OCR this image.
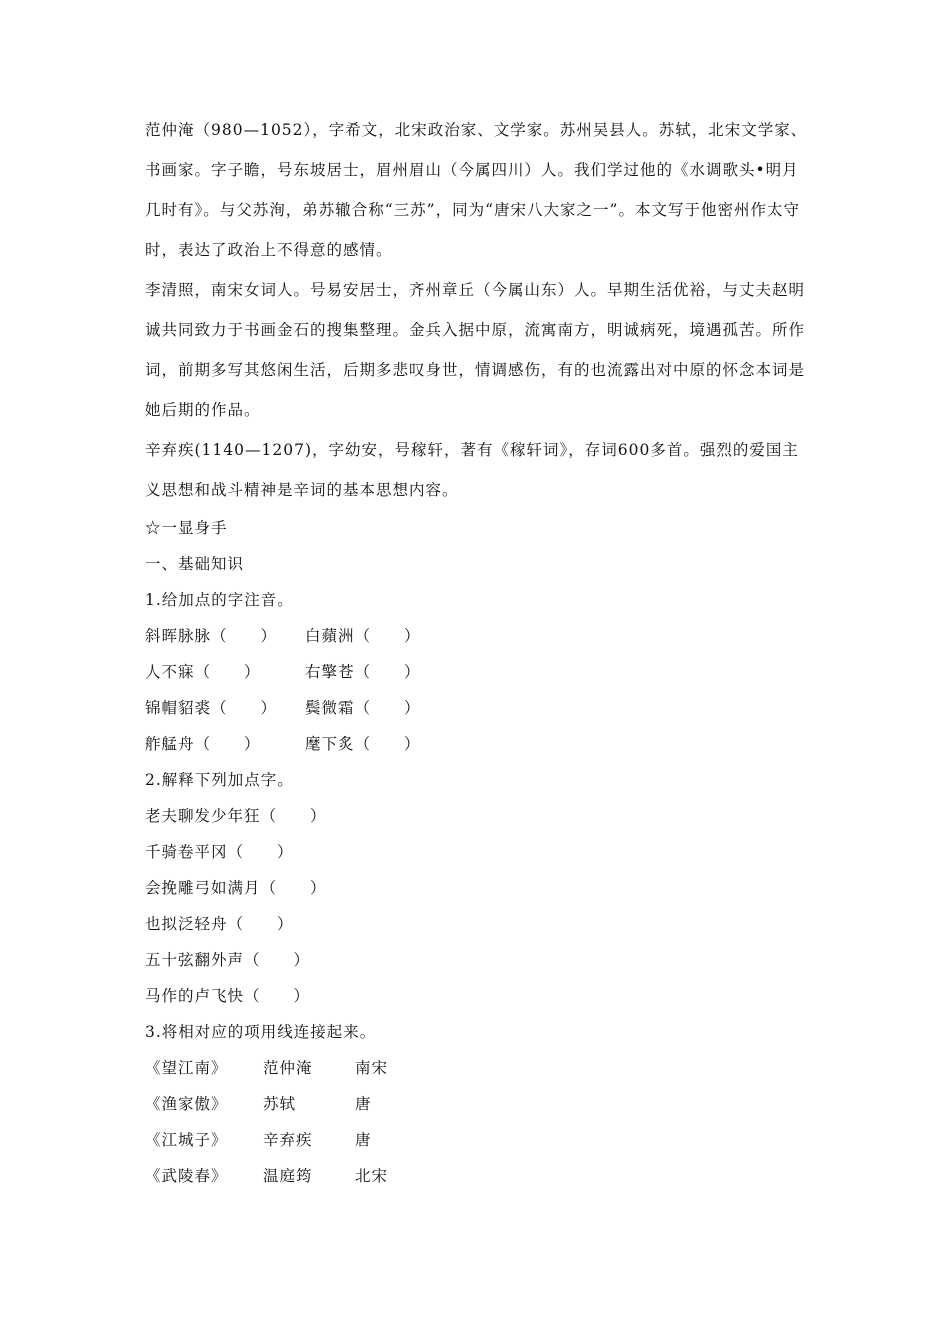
范仲淹（980—1052），字希文，北宋政治家、文学家。苏州吴县人。苏轼，北宋文学家、书画家。字子瞻，号东坡居士，眉州眉山（今属四川）人。我们学过他的《水调歌头•明月几时有》。与父苏洵，弟苏辙合称“三苏”，同为“唐宋八大家之一”。本文写于他密州作太守时，表达了政治上不得意的感情。

李清照，南宋女词人。号易安居士，齐州章丘（今属山东）人。早期生活优裕，与丈夫赵明诚共同致力于书画金石的搜集整理。金兵入据中原，流寓南方，明诚病死，境遇孤苦。所作词，前期多写其悠闲生活，后期多悲叹身世，情调感伤，有的也流露出对中原的怀念本词是她后期的作品。

辛弃疾(1140—1207)，字幼安，号稼轩，著有《稼轩词》，存词600多首。强烈的爱国主义思想和战斗精神是辛词的基本思想内容。

☆一显身手

一、基础知识

1.给加点的字注音。

斜晖脉脉（　　）	白蘋洲（　　）
人不寐（　　）	右擎苍（　　）
锦帽貂裘（　　）	鬓微霜（　　）
舴艋舟（　　）	麾下炙（　　）

2.解释下列加点字。

老夫聊发少年狂（　　）

千骑卷平冈（　　）

会挽雕弓如满月（　　）

也拟泛轻舟（　　）

五十弦翻外声（　　）

马作的卢飞快（　　）

3.将相对应的项用线连接起来。

《望江南》	范仲淹	南宋
《渔家傲》	苏轼	唐
《江城子》	辛弃疾	唐
《武陵春》	温庭筠	北宋
